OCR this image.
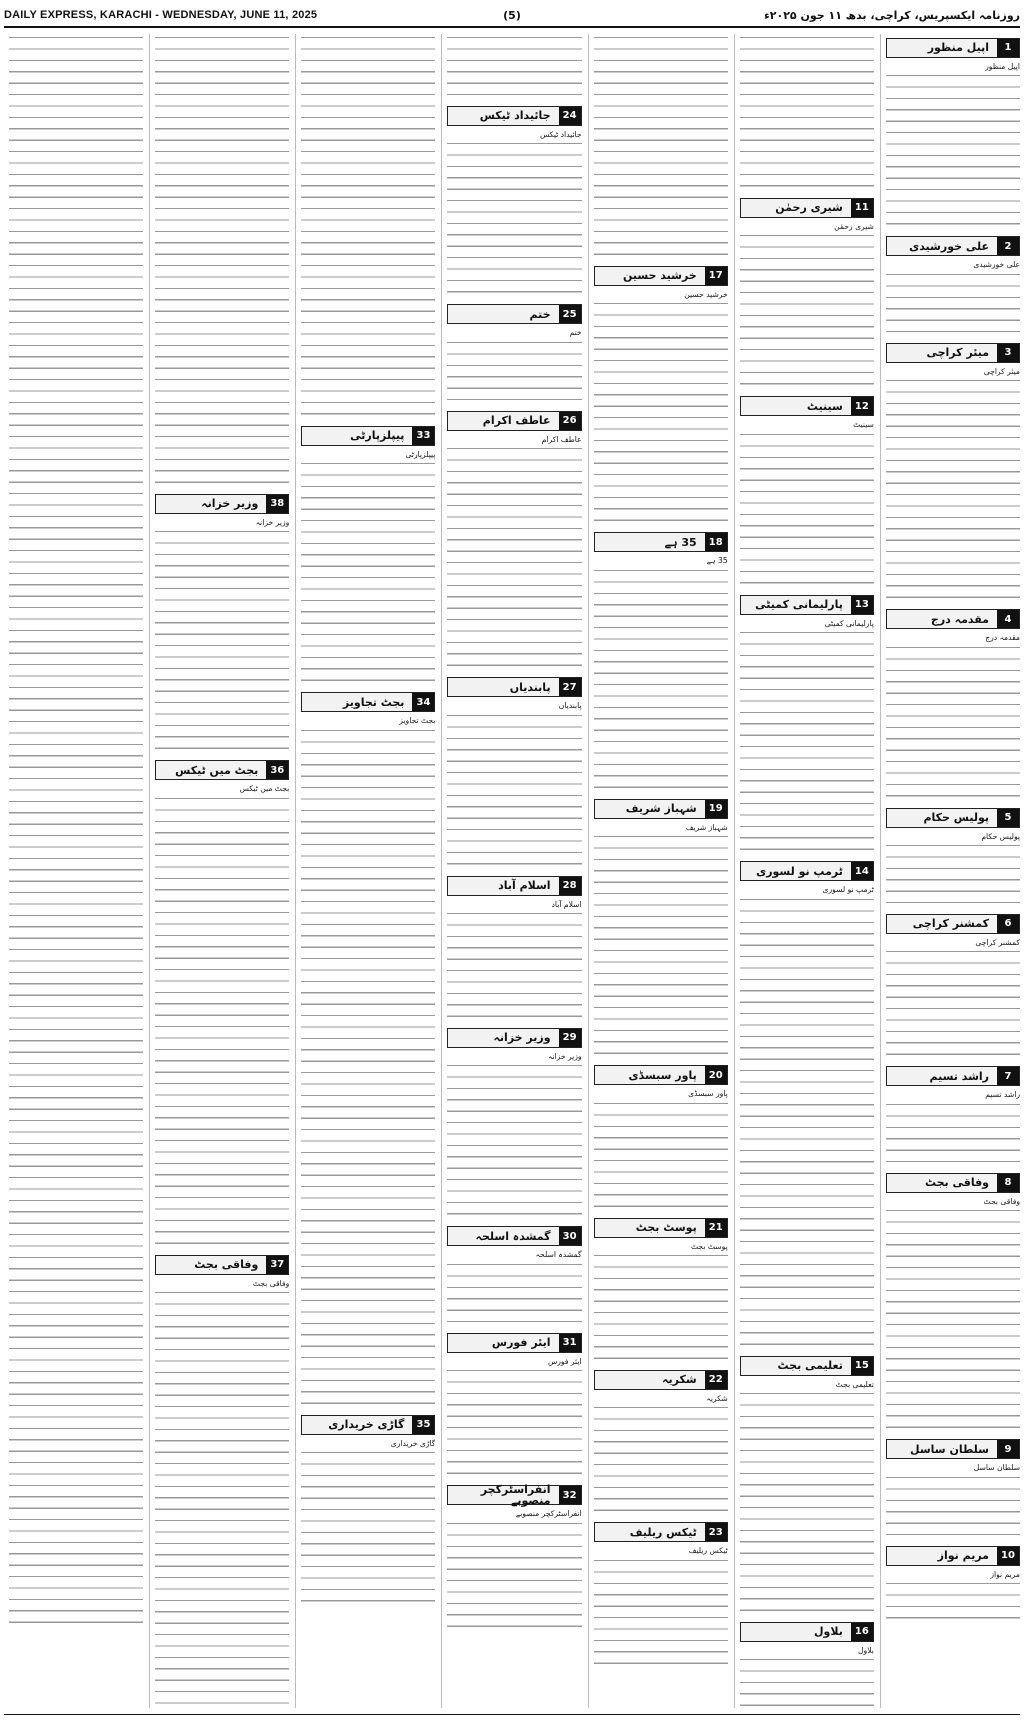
DAILY EXPRESS, KARACHI - WEDNESDAY, JUNE 11, 2025	(5)	روزنامہ ایکسپریس، کراچی، بدھ ۱۱ جون ۲۰۲۵ء
1
اپیل منظور
اپیل منظور
2
علی خورشیدی
علی خورشیدی
3
میئر کراچی
میئر کراچی
4
مقدمہ درج
مقدمہ درج
5
پولیس حکام
پولیس حکام
6
کمشنر کراچی
کمشنر کراچی
7
راشد تسیم
راشد تسیم
8
وفاقی بجٹ
وفاقی بجٹ
9
سلطان ساسل
سلطان ساسل
10
مریم نواز
مریم نواز
11
شیری رحمٰن
شیری رحمٰن
12
سینیٹ
سینیٹ
13
پارلیمانی کمیٹی
پارلیمانی کمیٹی
14
ٹرمپ نو لسوری
ٹرمپ نو لسوری
15
تعلیمی بجٹ
تعلیمی بجٹ
16
بلاول
بلاول
17
خرشید حسین
خرشید حسین
18
35 ہے
35 ہے
19
شہباز شریف
شہباز شریف
20
پاور سبسڈی
پاور سبسڈی
21
پوسٹ بجٹ
پوسٹ بجٹ
22
شکریہ
شکریہ
23
ٹیکس ریلیف
ٹیکس ریلیف
24
جائیداد ٹیکس
جائیداد ٹیکس
25
ختم
ختم
26
عاطف اکرام
عاطف اکرام
27
پابندیاں
پابندیاں
28
اسلام آباد
اسلام آباد
29
وزیر خزانہ
وزیر خزانہ
30
گمشدہ اسلحہ
گمشدہ اسلحہ
31
ایئر فورس
ایئر فورس
32
انفراسٹرکچر منصوبے
انفراسٹرکچر منصوبے
33
پیپلزپارٹی
پیپلزپارٹی
34
بجٹ تجاویز
بجٹ تجاویز
35
گاڑی خریداری
گاڑی خریداری
38
وزیر خزانہ
وزیر خزانہ
36
بجٹ میں ٹیکس
بجٹ میں ٹیکس
37
وفاقی بجٹ
وفاقی بجٹ
